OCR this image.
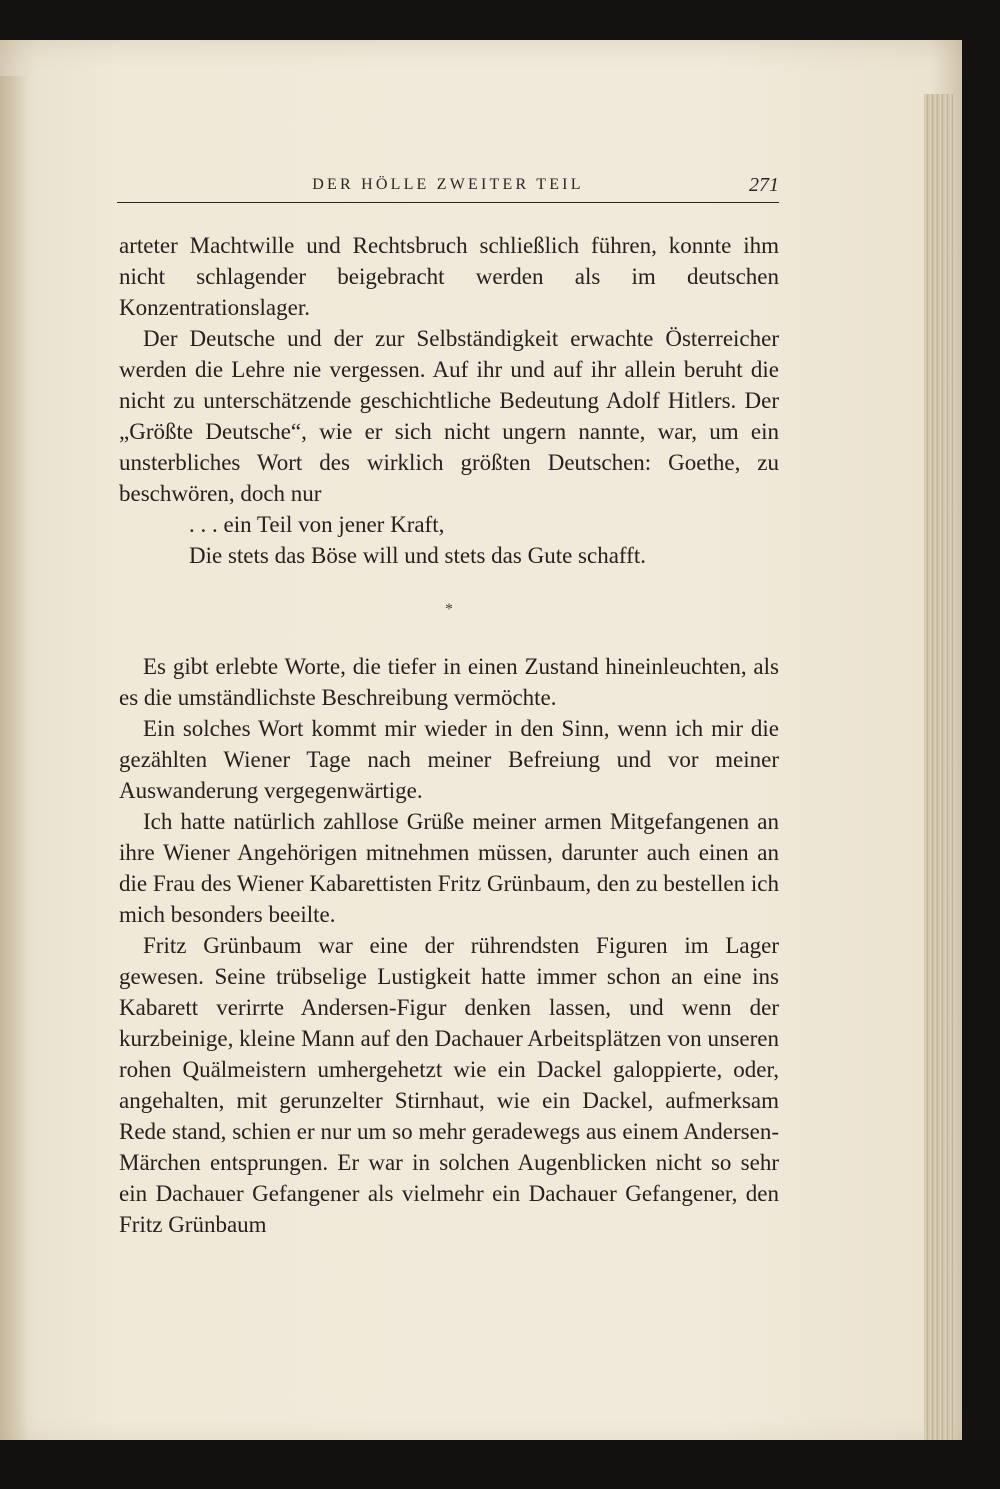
DER HÖLLE ZWEITER TEIL	271

arteter Machtwille und Rechtsbruch schließlich führen, konnte ihm nicht schlagender beigebracht werden als im deutschen Konzentrationslager.

Der Deutsche und der zur Selbständigkeit erwachte Österreicher werden die Lehre nie vergessen. Auf ihr und auf ihr allein beruht die nicht zu unterschätzende geschichtliche Bedeutung Adolf Hitlers. Der „Größte Deutsche“, wie er sich nicht ungern nannte, war, um ein unsterbliches Wort des wirklich größten Deutschen: Goethe, zu beschwören, doch nur

. . . ein Teil von jener Kraft,
Die stets das Böse will und stets das Gute schafft.
*

Es gibt erlebte Worte, die tiefer in einen Zustand hineinleuchten, als es die umständlichste Beschreibung vermöchte.

Ein solches Wort kommt mir wieder in den Sinn, wenn ich mir die gezählten Wiener Tage nach meiner Befreiung und vor meiner Auswanderung vergegenwärtige.

Ich hatte natürlich zahllose Grüße meiner armen Mitgefangenen an ihre Wiener Angehörigen mitnehmen müssen, darunter auch einen an die Frau des Wiener Kabarettisten Fritz Grünbaum, den zu bestellen ich mich besonders beeilte.

Fritz Grünbaum war eine der rührendsten Figuren im Lager gewesen. Seine trübselige Lustigkeit hatte immer schon an eine ins Kabarett verirrte Andersen-Figur denken lassen, und wenn der kurzbeinige, kleine Mann auf den Dachauer Arbeitsplätzen von unseren rohen Quälmeistern umhergehetzt wie ein Dackel galoppierte, oder, angehalten, mit gerunzelter Stirnhaut, wie ein Dackel, aufmerksam Rede stand, schien er nur um so mehr geradewegs aus einem Andersen-Märchen entsprungen. Er war in solchen Augenblicken nicht so sehr ein Dachauer Gefangener als vielmehr ein Dachauer Gefangener, den Fritz Grünbaum
